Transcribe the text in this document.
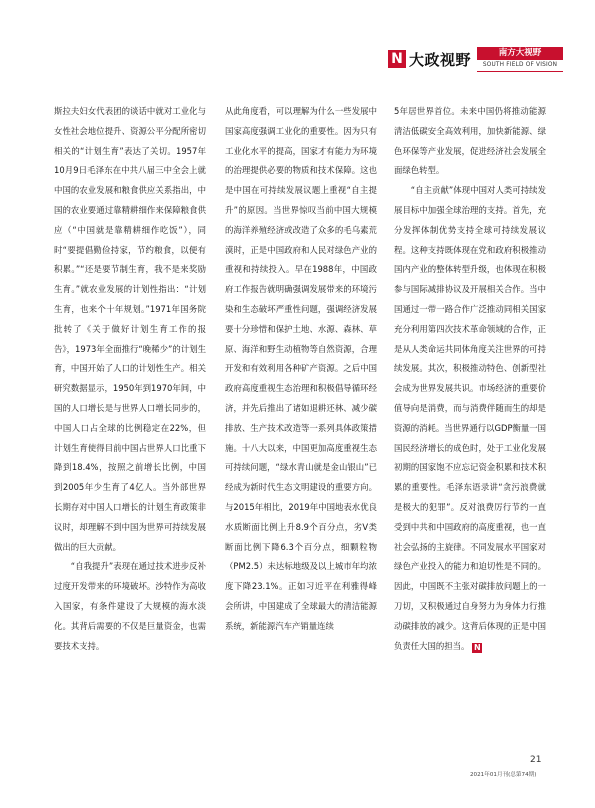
N 大政视野	南方大视野
SOUTH FIELD OF VISION

斯拉夫妇女代表团的谈话中就对工业化与女性社会地位提升、资源公平分配所密切相关的“计划生育”表达了关切。1957年10月9日毛泽东在中共八届三中全会上就中国的农业发展和粮食供应关系指出，中国的农业要通过靠精耕细作来保障粮食供应（“中国就是靠精耕细作吃饭”），同时“要提倡勤俭持家，节约粮食，以便有积累。”“还是要节制生育，我不是来奖励生育。”就农业发展的计划性指出：“计划生育，也来个十年规划。”1971年国务院批转了《关于做好计划生育工作的报告》，1973年全面推行“晚稀少”的计划生育，中国开始了人口的计划性生产。相关研究数据显示，1950年到1970年间，中国的人口增长是与世界人口增长同步的，中国人口占全球的比例稳定在22%，但计划生育使得目前中国占世界人口比重下降到18.4%，按照之前增长比例，中国到2005年少生育了4亿人。当外部世界长期存对中国人口增长的计划生育政策非议时，却理解不到中国为世界可持续发展做出的巨大贡献。

“自我提升”表现在通过技术进步反补过度开发带来的环境破坏。沙特作为高收入国家，有条件建设了大规模的海水淡化。其背后需要的不仅是巨量资金，也需要技术支持。

从此角度看，可以理解为什么一些发展中国家高度强调工业化的重要性。因为只有工业化水平的提高，国家才有能力为环境的治理提供必要的物质和技术保障。这也是中国在可持续发展议题上重视“自主提升”的原因。当世界惊叹当前中国大规模的海洋养殖经济或改造了众多的毛乌素荒漠时，正是中国政府和人民对绿色产业的重视和持续投入。早在1988年，中国政府工作报告就明确强调发展带来的环境污染和生态破坏严重性问题，强调经济发展要十分珍惜和保护土地、水源、森林、草原、海洋和野生动植物等自然资源，合理开发和有效利用各种矿产资源。之后中国政府高度重视生态治理和积极倡导循环经济，并先后推出了诸如退耕还林、减少碳排放、生产技术改造等一系列具体政策措施。十八大以来，中国更加高度重视生态可持续问题，“绿水青山就是金山银山”已经成为新时代生态文明建设的重要方向。与2015年相比，2019年中国地表水优良水质断面比例上升8.9个百分点，劣Ⅴ类断面比例下降6.3个百分点，细颗粒物（PM2.5）未达标地级及以上城市年均浓度下降23.1%。正如习近平在利雅得峰会所讲，中国建成了全球最大的清洁能源系统，新能源汽车产销量连续

5年居世界首位。未来中国仍将推动能源清洁低碳安全高效利用，加快新能源、绿色环保等产业发展，促进经济社会发展全面绿色转型。

“自主贡献”体现中国对人类可持续发展目标中加强全球治理的支持。首先，充分发挥体制优势支持全球可持续发展议程。这种支持既体现在党和政府积极推动国内产业的整体转型升级，也体现在积极参与国际减排协议及开展相关合作。当中国通过一带一路合作广泛推动同相关国家充分利用第四次技术革命领域的合作，正是从人类命运共同体角度关注世界的可持续发展。其次，积极推动特色、创新型社会成为世界发展共识。市场经济的重要价值导向是消费，而与消费伴随而生的却是资源的消耗。当世界通行以GDP衡量一国国民经济增长的成色时，处于工业化发展初期的国家饱不应忘记资金积累和技术积累的重要性。毛泽东语录讲“贪污浪费就是极大的犯罪”。反对浪费厉行节约一直受到中共和中国政府的高度重视，也一直社会弘扬的主旋律。不同发展水平国家对绿色产业投入的能力和迫切性是不同的。因此，中国既不主张对碳排放问题上的一刀切，又积极通过自身努力为身体力行推动碳排放的减少。这背后体现的正是中国负责任大国的担当。 N

21
2021年01月刊(总第74期)
